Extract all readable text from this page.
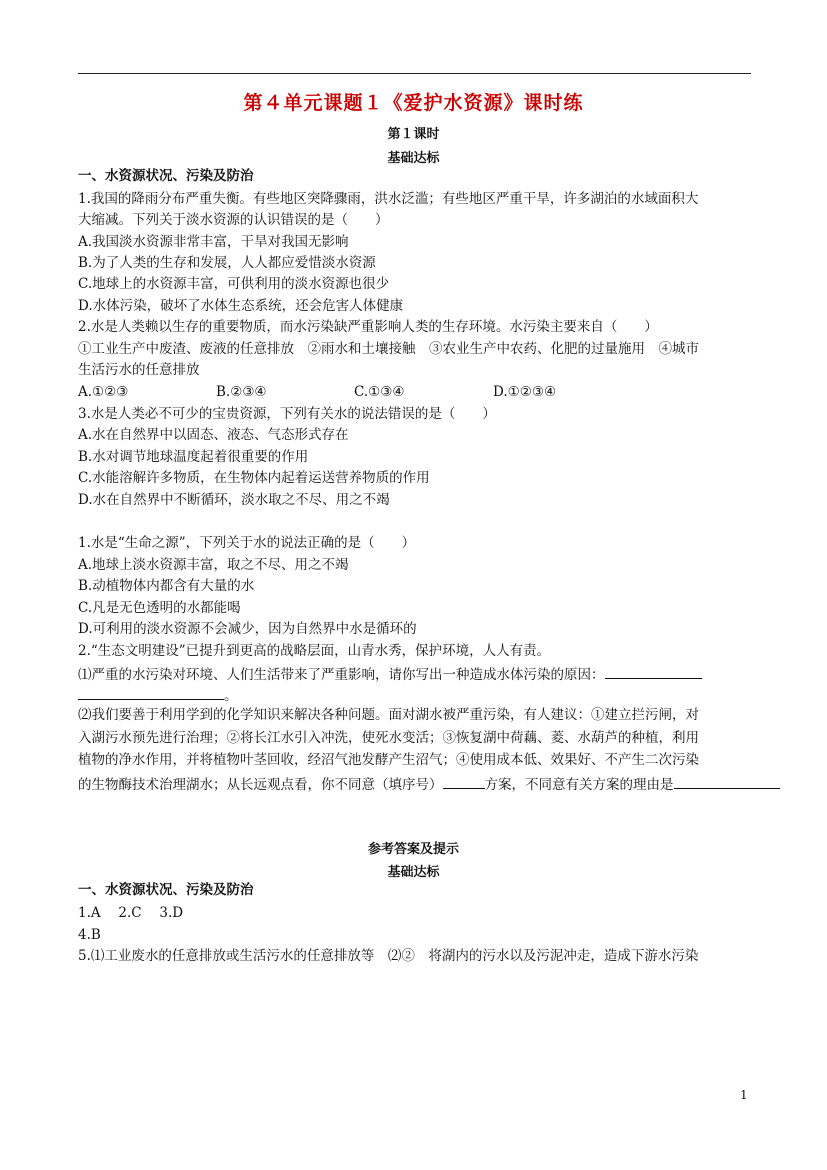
第４单元课题１《爱护水资源》课时练
第１课时
基础达标
一、水资源状况、污染及防治
1.我国的降雨分布严重失衡。有些地区突降骤雨，洪水泛滥；有些地区严重干旱，许多湖泊的水域面积大
大缩减。下列关于淡水资源的认识错误的是（　　）
A.我国淡水资源非常丰富，干旱对我国无影响
B.为了人类的生存和发展，人人都应爱惜淡水资源
C.地球上的水资源丰富，可供利用的淡水资源也很少
D.水体污染，破坏了水体生态系统，还会危害人体健康
2.水是人类赖以生存的重要物质，而水污染缺严重影响人类的生存环境。水污染主要来自（　　）
①工业生产中废渣、废液的任意排放　②雨水和土壤接触　③农业生产中农药、化肥的过量施用　④城市
生活污水的任意排放
A.①②③	B.②③④	C.①③④	D.①②③④
3.水是人类必不可少的宝贵资源，下列有关水的说法错误的是（　　）
A.水在自然界中以固态、液态、气态形式存在
B.水对调节地球温度起着很重要的作用
C.水能溶解许多物质，在生物体内起着运送营养物质的作用
D.水在自然界中不断循环，淡水取之不尽、用之不竭
1.水是“生命之源”，下列关于水的说法正确的是（　　）
A.地球上淡水资源丰富，取之不尽、用之不竭
B.动植物体内都含有大量的水
C.凡是无色透明的水都能喝
D.可利用的淡水资源不会减少，因为自然界中水是循环的
2.“生态文明建设”已提升到更高的战略层面，山青水秀，保护环境，人人有责。
⑴严重的水污染对环境、人们生活带来了严重影响，请你写出一种造成水体污染的原因：
。
⑵我们要善于利用学到的化学知识来解决各种问题。面对湖水被严重污染，有人建议：①建立拦污闸，对
入湖污水预先进行治理；②将长江水引入冲洗，使死水变活；③恢复湖中荷藕、菱、水葫芦的种植，利用
植物的净水作用，并将植物叶茎回收，经沼气池发酵产生沼气；④使用成本低、效果好、不产生二次污染
的生物酶技术治理湖水；从长远观点看，你不同意（填序号）	方案，不同意有关方案的理由是
参考答案及提示
基础达标
一、水资源状况、污染及防治
1.A　 2.C　 3.D
4.B
5.⑴工业废水的任意排放或生活污水的任意排放等　⑵②　将湖内的污水以及污泥冲走，造成下游水污染
1
